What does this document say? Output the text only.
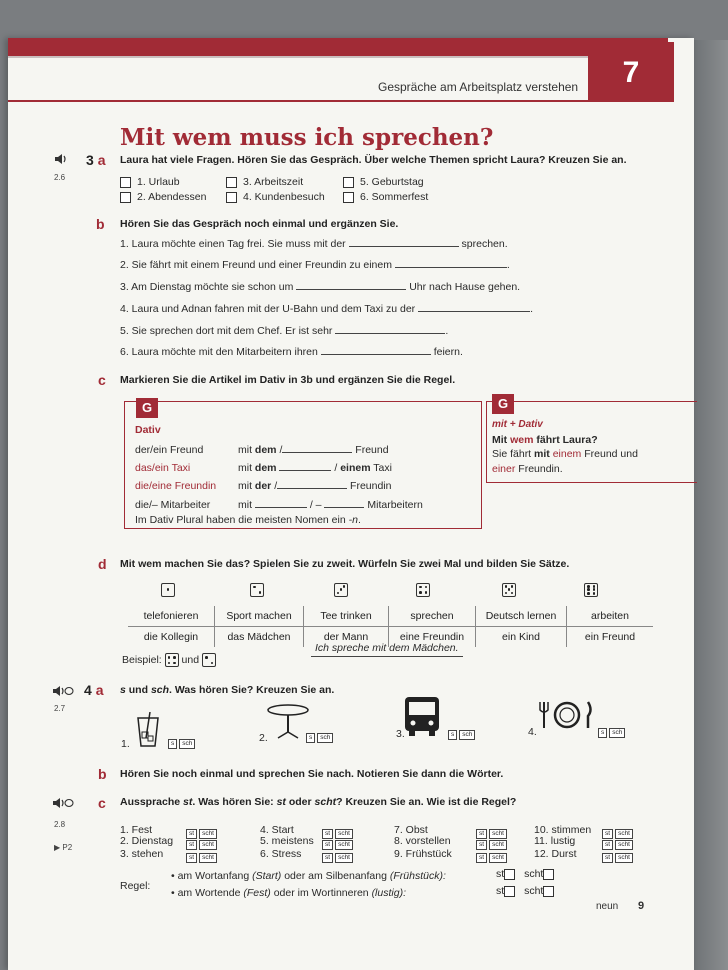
7
Gespräche am Arbeitsplatz verstehen
Mit wem muss ich sprechen?
2.6
3 a Laura hat viele Fragen. Hören Sie das Gespräch. Über welche Themen spricht Laura? Kreuzen Sie an.
1. Urlaub
2. Abendessen
3. Arbeitszeit
4. Kundenbesuch
5. Geburtstag
6. Sommerfest
b Hören Sie das Gespräch noch einmal und ergänzen Sie.
1. Laura möchte einen Tag frei. Sie muss mit der	sprechen.
2. Sie fährt mit einem Freund und einer Freundin zu einem	.
3. Am Dienstag möchte sie schon um	Uhr nach Hause gehen.
4. Laura und Adnan fahren mit der U-Bahn und dem Taxi zu der	.
5. Sie sprechen dort mit dem Chef. Er ist sehr	.
6. Laura möchte mit den Mitarbeitern ihren	feiern.
c Markieren Sie die Artikel im Dativ in 3b und ergänzen Sie die Regel.
G
Dativ
der/ein Freund	mit dem /	Freund
das/ein Taxi	mit dem	/ einem Taxi
die/eine Freundin mit der /	Freundin
die/– Mitarbeiter	mit	/ –	Mitarbeitern
Im Dativ Plural haben die meisten Nomen ein -n.
G
mit + Dativ
Mit wem fährt Laura?
Sie fährt mit einem Freund und
einer Freundin.
d Mit wem machen Sie das? Spielen Sie zu zweit. Würfeln Sie zwei Mal und bilden Sie Sätze.
telefonieren	Sport machen	Tee trinken	sprechen	Deutsch lernen	arbeiten
die Kollegin	das Mädchen	der Mann	eine Freundin	ein Kind	ein Freund
Beispiel: und
Ich spreche mit dem Mädchen.
2.7
4 a s und sch. Was hören Sie? Kreuzen Sie an.
1.	s sch	2.	s sch	3.	s sch	4.	s sch
b Hören Sie noch einmal und sprechen Sie nach. Notieren Sie dann die Wörter.
2.8
▶ P2
c Aussprache st. Was hören Sie: st oder scht? Kreuzen Sie an. Wie ist die Regel?
1. Fest	st scht
2. Dienstag	st scht
3. stehen	st scht
4. Start	st scht
5. meistens	st scht
6. Stress	st scht
7. Obst	st scht
8. vorstellen	st scht
9. Frühstück	st scht
10. stimmen	st scht
11. lustig	st scht
12. Durst	st scht
Regel:
• am Wortanfang (Start) oder am Silbenanfang (Frühstück):
• am Wortende (Fest) oder im Wortinneren (lustig):
st scht
st scht
neun 9
